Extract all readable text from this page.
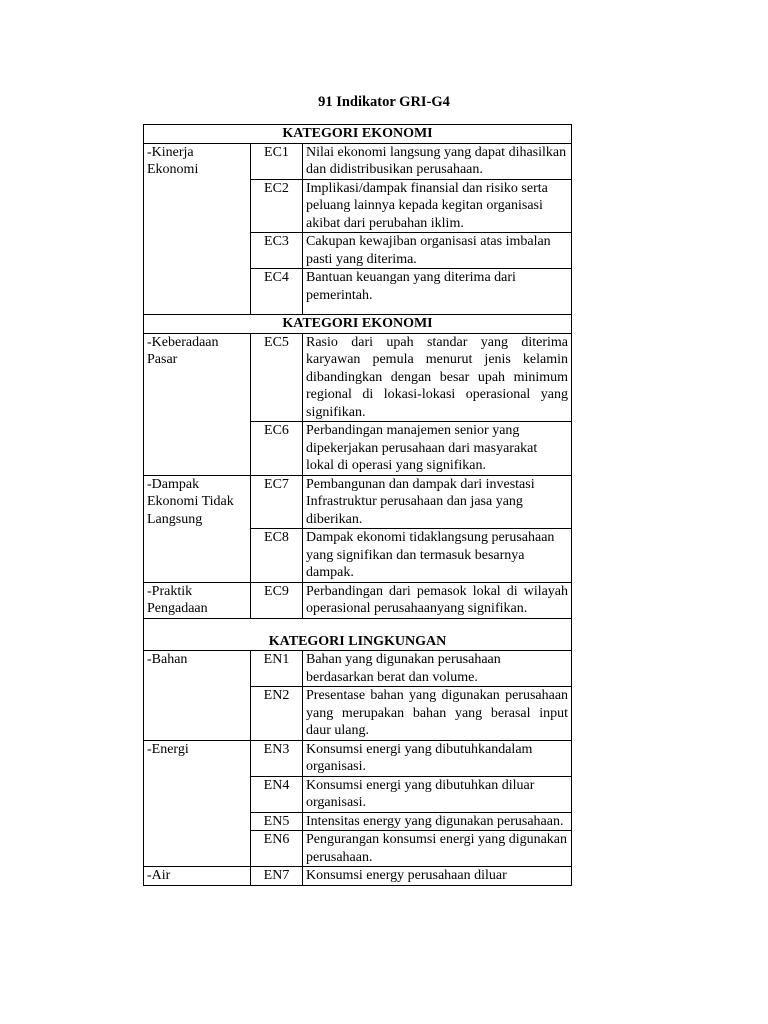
91 Indikator GRI-G4
KATEGORI EKONOMI		
-Kinerja Ekonomi	EC1	Nilai ekonomi langsung yang dapat dihasilkan dan didistribusikan perusahaan.
	EC2	Implikasi/dampak finansial dan risiko serta peluang lainnya kepada kegitan organisasi akibat dari perubahan iklim.
	EC3	Cakupan kewajiban organisasi atas imbalan pasti yang diterima.
	EC4	Bantuan keuangan yang diterima dari pemerintah.
KATEGORI EKONOMI		
-Keberadaan Pasar	EC5	Rasio dari upah standar yang diterima karyawan pemula menurut jenis kelamin dibandingkan dengan besar upah minimum regional di lokasi-lokasi operasional yang signifikan.
	EC6	Perbandingan manajemen senior yang dipekerjakan perusahaan dari masyarakat lokal di operasi yang signifikan.
-Dampak Ekonomi Tidak Langsung	EC7	Pembangunan dan dampak dari investasi Infrastruktur perusahaan dan jasa yang diberikan.
	EC8	Dampak ekonomi tidaklangsung perusahaan yang signifikan dan termasuk besarnya dampak.
-Praktik Pengadaan	EC9	Perbandingan dari pemasok lokal di wilayah operasional perusahaanyang signifikan.
KATEGORI LINGKUNGAN		
-Bahan	EN1	Bahan yang digunakan perusahaan berdasarkan berat dan volume.
	EN2	Presentase bahan yang digunakan perusahaan yang merupakan bahan yang berasal input daur ulang.
-Energi	EN3	Konsumsi energi yang dibutuhkandalam organisasi.
	EN4	Konsumsi energi yang dibutuhkan diluar organisasi.
	EN5	Intensitas energy yang digunakan perusahaan.
	EN6	Pengurangan konsumsi energi yang digunakan perusahaan.
-Air	EN7	Konsumsi energy perusahaan diluar
